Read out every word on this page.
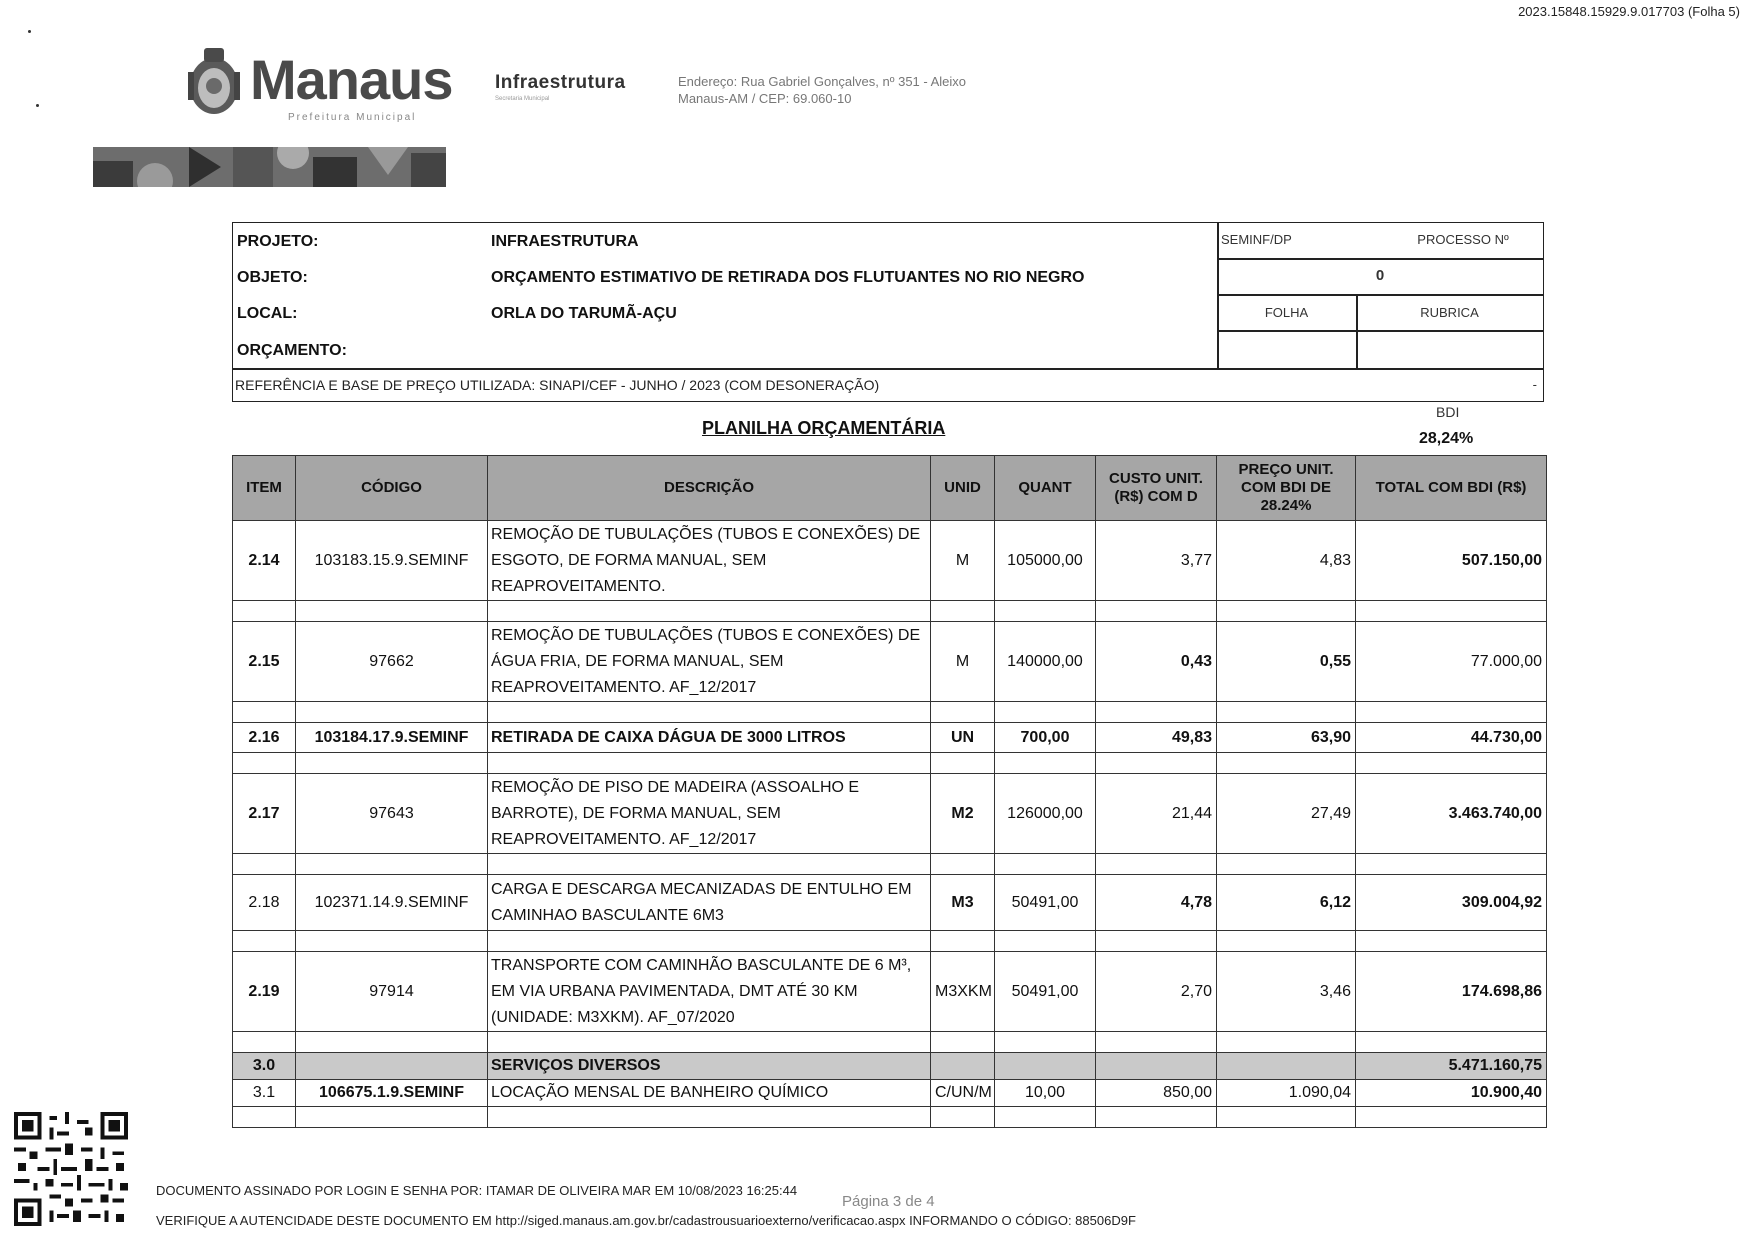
2023.15848.15929.9.017703 (Folha 5)
Manaus
Prefeitura Municipal
Infraestrutura
Secretaria Municipal
Endereço: Rua Gabriel Gonçalves, nº 351 - Aleixo
Manaus-AM / CEP: 69.060-10
PROJETO:	INFRAESTRUTURA
OBJETO:	ORÇAMENTO ESTIMATIVO DE RETIRADA DOS FLUTUANTES NO RIO NEGRO
LOCAL:	ORLA DO TARUMÃ-AÇU
ORÇAMENTO:
REFERÊNCIA E BASE DE PREÇO UTILIZADA: SINAPI/CEF - JUNHO / 2023 (COM DESONERAÇÃO)	-
SEMINF/DP	PROCESSO Nº
0
FOLHA	RUBRICA
PLANILHA ORÇAMENTÁRIA
BDI
28,24%
ITEM	CÓDIGO	DESCRIÇÃO	UNID	QUANT	CUSTO UNIT. (R$) COM D	PREÇO UNIT. COM BDI DE 28.24%	TOTAL COM BDI (R$)
2.14	103183.15.9.SEMINF	REMOÇÃO DE TUBULAÇÕES (TUBOS E CONEXÕES) DE ESGOTO, DE FORMA MANUAL, SEM REAPROVEITAMENTO.	M	105000,00	3,77	4,83	507.150,00

2.15	97662	REMOÇÃO DE TUBULAÇÕES (TUBOS E CONEXÕES) DE ÁGUA FRIA, DE FORMA MANUAL, SEM REAPROVEITAMENTO. AF_12/2017	M	140000,00	0,43	0,55	77.000,00

2.16	103184.17.9.SEMINF	RETIRADA DE CAIXA DÁGUA DE 3000 LITROS	UN	700,00	49,83	63,90	44.730,00

2.17	97643	REMOÇÃO DE PISO DE MADEIRA (ASSOALHO E BARROTE), DE FORMA MANUAL, SEM REAPROVEITAMENTO. AF_12/2017	M2	126000,00	21,44	27,49	3.463.740,00

2.18	102371.14.9.SEMINF	CARGA E DESCARGA MECANIZADAS DE ENTULHO EM CAMINHAO BASCULANTE 6M3	M3	50491,00	4,78	6,12	309.004,92

2.19	97914	TRANSPORTE COM CAMINHÃO BASCULANTE DE 6 M³, EM VIA URBANA PAVIMENTADA, DMT ATÉ 30 KM (UNIDADE: M3XKM). AF_07/2020	M3XKM	50491,00	2,70	3,46	174.698,86

3.0		SERVIÇOS DIVERSOS					5.471.160,75
3.1	106675.1.9.SEMINF	LOCAÇÃO MENSAL DE BANHEIRO QUÍMICO	C/UN/M	10,00	850,00	1.090,04	10.900,40

DOCUMENTO ASSINADO POR LOGIN E SENHA POR: ITAMAR DE OLIVEIRA MAR EM 10/08/2023 16:25:44
Página 3 de 4
VERIFIQUE A AUTENCIDADE DESTE DOCUMENTO EM http://siged.manaus.am.gov.br/cadastrousuarioexterno/verificacao.aspx INFORMANDO O CÓDIGO: 88506D9F
